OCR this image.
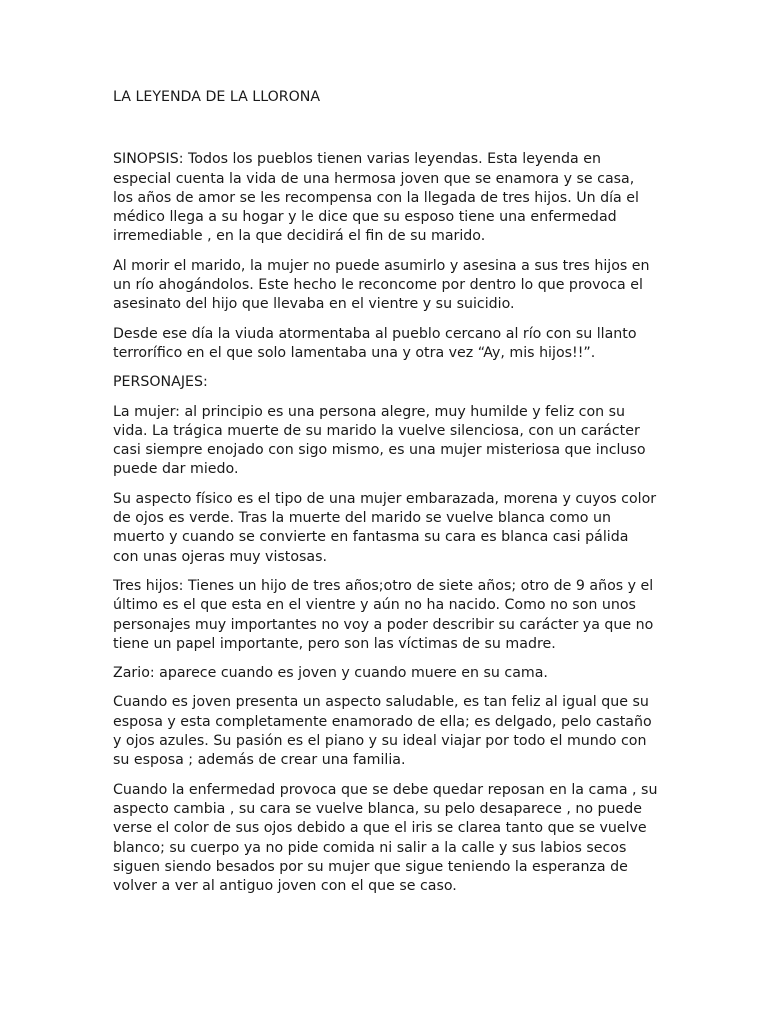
LA LEYENDA DE LA LLORONA

SINOPSIS: Todos los pueblos tienen varias leyendas. Esta leyenda en especial cuenta la vida de una hermosa joven que se enamora y se casa, los años de amor se les recompensa con la llegada de tres hijos. Un día el médico llega a su hogar y le dice que su esposo tiene una enfermedad irremediable , en la que decidirá el fin de su marido.

Al morir el marido, la mujer no puede asumirlo y asesina a sus tres hijos en un río ahogándolos. Este hecho le reconcome por dentro lo que provoca el asesinato del hijo que llevaba en el vientre y su suicidio.

Desde ese día la viuda atormentaba al pueblo cercano al río con su llanto terrorífico en el que solo lamentaba una y otra vez “Ay, mis hijos!!”.

PERSONAJES:

La mujer: al principio es una persona alegre, muy humilde y feliz con su vida. La trágica muerte de su marido la vuelve silenciosa, con un carácter casi siempre enojado con sigo mismo, es una mujer misteriosa que incluso puede dar miedo.

Su aspecto físico es el tipo de una mujer embarazada, morena y cuyos color de ojos es verde. Tras la muerte del marido se vuelve blanca como un muerto y cuando se convierte en fantasma su cara es blanca casi pálida con unas ojeras muy vistosas.

Tres hijos: Tienes un hijo de tres años;otro de siete años; otro de 9 años y el último es el que esta en el vientre y aún no ha nacido. Como no son unos personajes muy importantes no voy a poder describir su carácter ya que no tiene un papel importante, pero son las víctimas de su madre.

Zario: aparece cuando es joven y cuando muere en su cama.

Cuando es joven presenta un aspecto saludable, es tan feliz al igual que su esposa y esta completamente enamorado de ella; es delgado, pelo castaño y ojos azules. Su pasión es el piano y su ideal viajar por todo el mundo con su esposa ; además de crear una familia.

Cuando la enfermedad provoca que se debe quedar reposan en la cama , su aspecto cambia , su cara se vuelve blanca, su pelo desaparece , no puede verse el color de sus ojos debido a que el iris se clarea tanto que se vuelve blanco; su cuerpo ya no pide comida ni salir a la calle y sus labios secos siguen siendo besados por su mujer que sigue teniendo la esperanza de volver a ver al antiguo joven con el que se caso.
